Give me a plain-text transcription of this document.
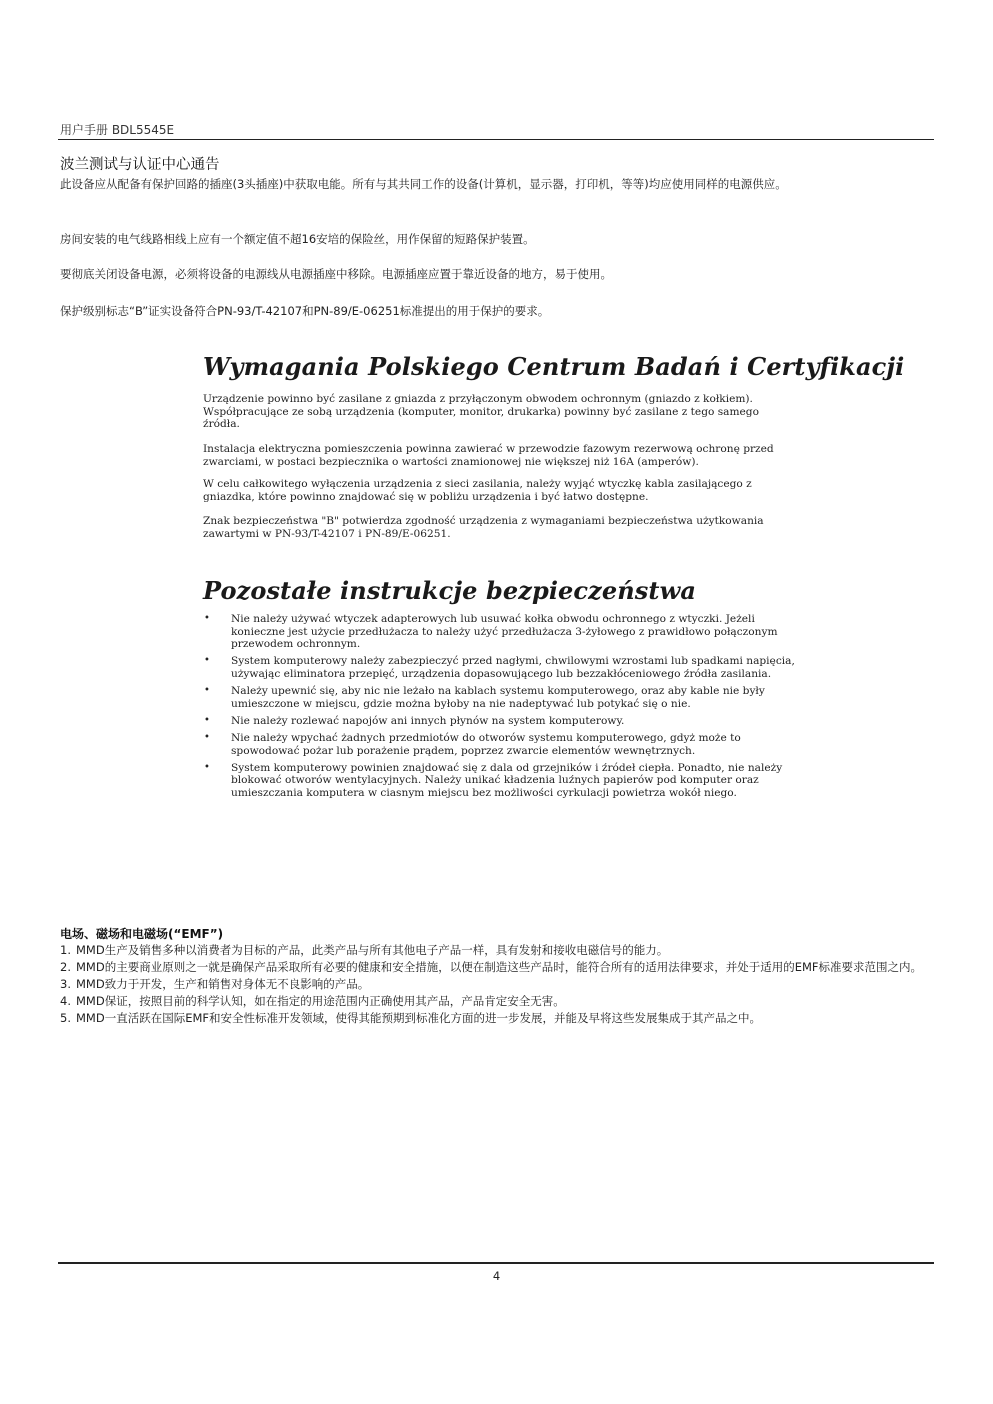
用户手册 BDL5545E
波兰测试与认证中心通告
此设备应从配备有保护回路的插座(3头插座)中获取电能。所有与其共同工作的设备(计算机，显示器，打印机，等等)均应使用同样的电源供应。
房间安装的电气线路相线上应有一个额定值不超16安培的保险丝，用作保留的短路保护装置。
要彻底关闭设备电源，必须将设备的电源线从电源插座中移除。电源插座应置于靠近设备的地方，易于使用。
保护级别标志“B”证实设备符合PN-93/T-42107和PN-89/E-06251标准提出的用于保护的要求。
Wymagania Polskiego Centrum Badań i Certyfikacji
Urządzenie powinno być zasilane z gniazda z przyłączonym obwodem ochronnym (gniazdo z kołkiem). Współpracujące ze sobą urządzenia (komputer, monitor, drukarka) powinny być zasilane z tego samego źródła.
Instalacja elektryczna pomieszczenia powinna zawierać w przewodzie fazowym rezerwową ochronę przed zwarciami, w postaci bezpiecznika o wartości znamionowej nie większej niż 16A (amperów).
W celu całkowitego wyłączenia urządzenia z sieci zasilania, należy wyjąć wtyczkę kabla zasilającego z gniazdka, które powinno znajdować się w pobliżu urządzenia i być łatwo dostępne.
Znak bezpieczeństwa "B" potwierdza zgodność urządzenia z wymaganiami bezpieczeństwa użytkowania zawartymi w PN-93/T-42107 i PN-89/E-06251.
Pozostałe instrukcje bezpieczeństwa
• Nie należy używać wtyczek adapterowych lub usuwać kołka obwodu ochronnego z wtyczki. Jeżeli konieczne jest użycie przedłużacza to należy użyć przedłużacza 3-żyłowego z prawidłowo połączonym przewodem ochronnym.
• System komputerowy należy zabezpieczyć przed nagłymi, chwilowymi wzrostami lub spadkami napięcia, używając eliminatora przepięć, urządzenia dopasowującego lub bezzakłóceniowego źródła zasilania.
• Należy upewnić się, aby nic nie leżało na kablach systemu komputerowego, oraz aby kable nie były umieszczone w miejscu, gdzie można byłoby na nie nadeptywać lub potykać się o nie.
• Nie należy rozlewać napojów ani innych płynów na system komputerowy.
• Nie należy wpychać żadnych przedmiotów do otworów systemu komputerowego, gdyż może to spowodować pożar lub porażenie prądem, poprzez zwarcie elementów wewnętrznych.
• System komputerowy powinien znajdować się z dala od grzejników i źródeł ciepła. Ponadto, nie należy blokować otworów wentylacyjnych. Należy unikać kładzenia luźnych papierów pod komputer oraz umieszczania komputera w ciasnym miejscu bez możliwości cyrkulacji powietrza wokół niego.
电场、磁场和电磁场(“EMF”)
1. MMD生产及销售多种以消费者为目标的产品，此类产品与所有其他电子产品一样，具有发射和接收电磁信号的能力。
2. MMD的主要商业原则之一就是确保产品采取所有必要的健康和安全措施，以便在制造这些产品时，能符合所有的适用法律要求，并处于适用的EMF标准要求范围之内。
3. MMD致力于开发，生产和销售对身体无不良影响的产品。
4. MMD保证，按照目前的科学认知，如在指定的用途范围内正确使用其产品，产品肯定安全无害。
5. MMD一直活跃在国际EMF和安全性标准开发领域，使得其能预期到标准化方面的进一步发展，并能及早将这些发展集成于其产品之中。
4
